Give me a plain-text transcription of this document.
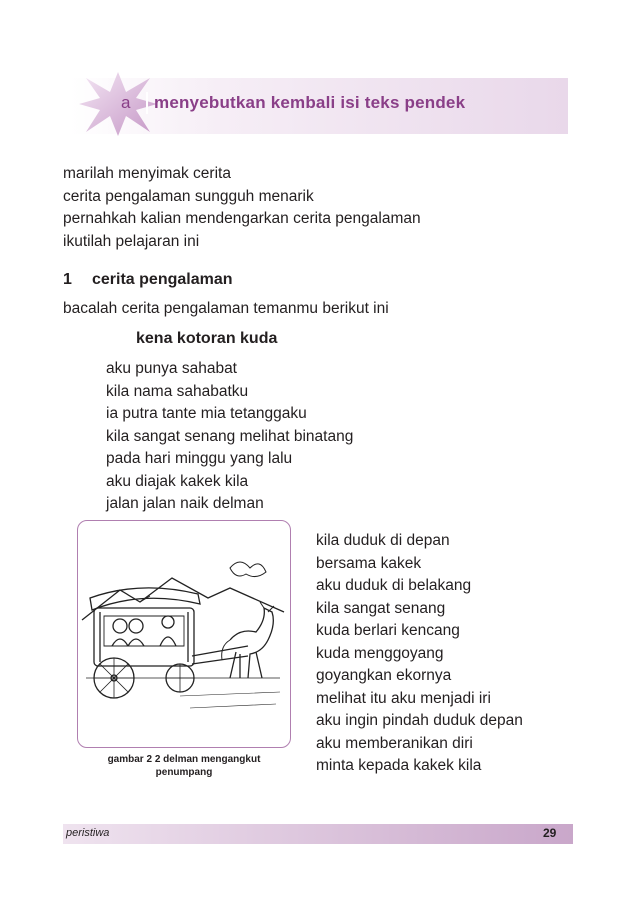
a menyebutkan kembali isi teks pendek
marilah menyimak cerita
cerita pengalaman sungguh menarik
pernahkah kalian mendengarkan cerita pengalaman
ikutilah pelajaran ini
1 cerita pengalaman
bacalah cerita pengalaman temanmu berikut ini
kena kotoran kuda
aku punya sahabat
kila nama sahabatku
ia putra tante mia tetanggaku
kila sangat senang melihat binatang
pada hari minggu yang lalu
aku diajak kakek kila
jalan jalan naik delman
gambar 2 2 delman mengangkut
penumpang
kila duduk di depan
bersama kakek
aku duduk di belakang
kila sangat senang
kuda berlari kencang
kuda menggoyang
goyangkan ekornya
melihat itu aku menjadi iri
aku ingin pindah duduk depan
aku memberanikan diri
minta kepada kakek kila
peristiwa	29
